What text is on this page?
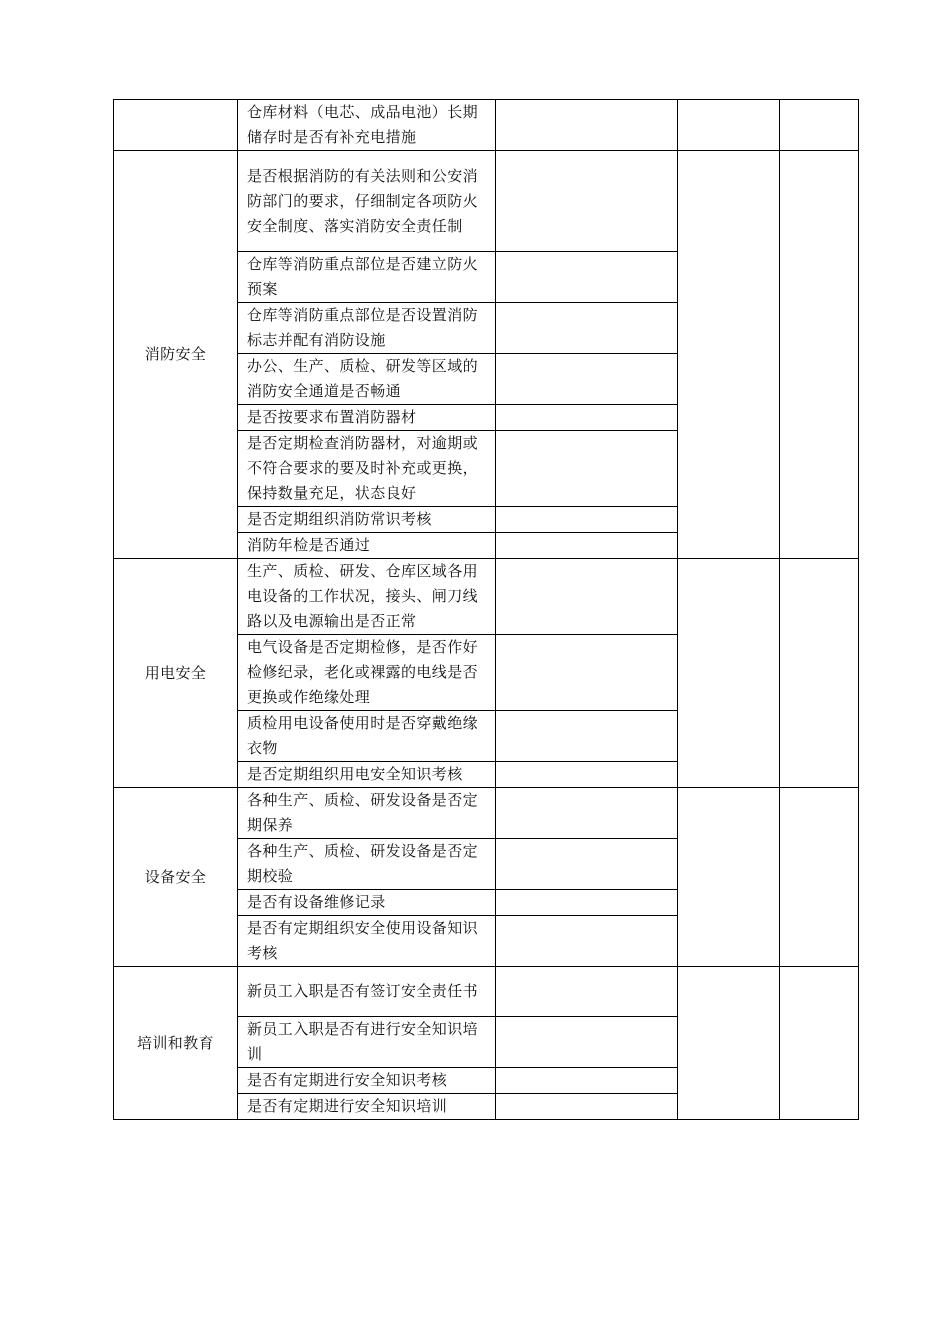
	仓库材料（电芯、成品电池）长期储存时是否有补充电措施			
消防安全	是否根据消防的有关法则和公安消防部门的要求，仔细制定各项防火安全制度、落实消防安全责任制			
	仓库等消防重点部位是否建立防火预案			
	仓库等消防重点部位是否设置消防标志并配有消防设施			
	办公、生产、质检、研发等区域的消防安全通道是否畅通			
	是否按要求布置消防器材			
	是否定期检查消防器材，对逾期或不符合要求的要及时补充或更换，保持数量充足，状态良好			
	是否定期组织消防常识考核			
	消防年检是否通过			
用电安全	生产、质检、研发、仓库区域各用电设备的工作状况，接头、闸刀线路以及电源输出是否正常			
	电气设备是否定期检修，是否作好检修纪录，老化或裸露的电线是否更换或作绝缘处理			
	质检用电设备使用时是否穿戴绝缘衣物			
	是否定期组织用电安全知识考核			
设备安全	各种生产、质检、研发设备是否定期保养			
	各种生产、质检、研发设备是否定期校验			
	是否有设备维修记录			
	是否有定期组织安全使用设备知识考核			
培训和教育	新员工入职是否有签订安全责任书			
	新员工入职是否有进行安全知识培训			
	是否有定期进行安全知识考核			
	是否有定期进行安全知识培训			
